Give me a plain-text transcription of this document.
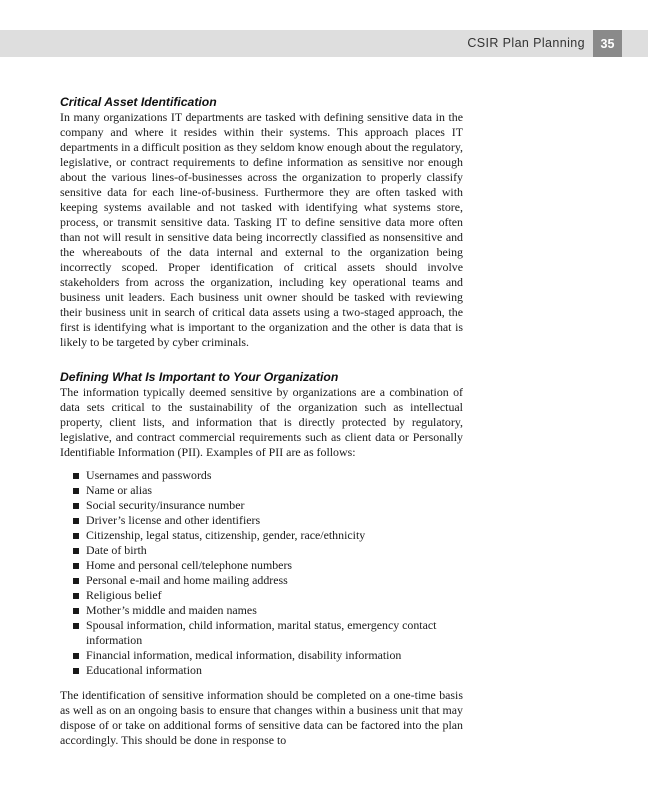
CSIR Plan Planning	35
Critical Asset Identification

In many organizations IT departments are tasked with defining sensitive data in the company and where it resides within their systems. This approach places IT departments in a difficult position as they seldom know enough about the regulatory, legislative, or contract requirements to define information as sensitive nor enough about the various lines-of-businesses across the organization to properly classify sensitive data for each line-of-business. Furthermore they are often tasked with keeping systems available and not tasked with identifying what systems store, process, or transmit sensitive data. Tasking IT to define sensitive data more often than not will result in sensitive data being incorrectly classified as nonsensitive and the whereabouts of the data internal and external to the organization being incorrectly scoped. Proper identification of critical assets should involve stakeholders from across the organization, including key operational teams and business unit leaders. Each business unit owner should be tasked with reviewing their business unit in search of critical data assets using a two-staged approach, the first is identifying what is important to the organization and the other is data that is likely to be targeted by cyber criminals.

Defining What Is Important to Your Organization

The information typically deemed sensitive by organizations are a combination of data sets critical to the sustainability of the organization such as intellectual property, client lists, and information that is directly protected by regulatory, legislative, and contract commercial requirements such as client data or Personally Identifiable Information (PII). Examples of PII are as follows:

Usernames and passwords
Name or alias
Social security/insurance number
Driver’s license and other identifiers
Citizenship, legal status, citizenship, gender, race/ethnicity
Date of birth
Home and personal cell/telephone numbers
Personal e-mail and home mailing address
Religious belief
Mother’s middle and maiden names
Spousal information, child information, marital status, emergency contact information
Financial information, medical information, disability information
Educational information

The identification of sensitive information should be completed on a one-time basis as well as on an ongoing basis to ensure that changes within a business unit that may dispose of or take on additional forms of sensitive data can be factored into the plan accordingly. This should be done in response to
